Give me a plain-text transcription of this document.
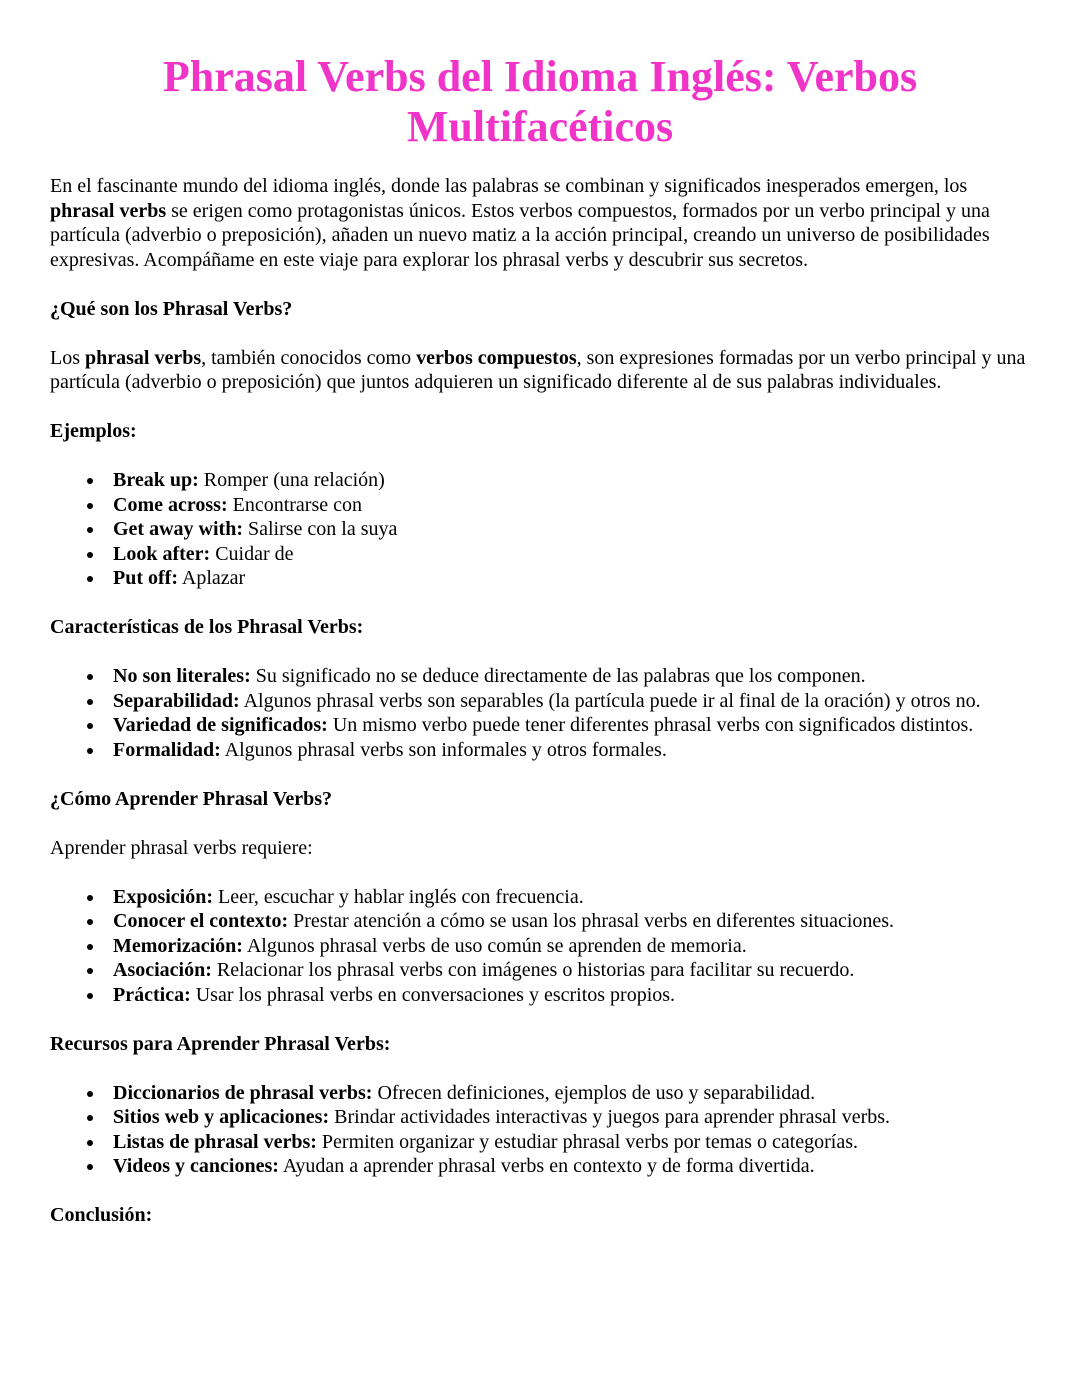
Phrasal Verbs del Idioma Inglés: Verbos Multifacéticos

En el fascinante mundo del idioma inglés, donde las palabras se combinan y significados inesperados emergen, los phrasal verbs se erigen como protagonistas únicos. Estos verbos compuestos, formados por un verbo principal y una partícula (adverbio o preposición), añaden un nuevo matiz a la acción principal, creando un universo de posibilidades expresivas. Acompáñame en este viaje para explorar los phrasal verbs y descubrir sus secretos.

¿Qué son los Phrasal Verbs?

Los phrasal verbs, también conocidos como verbos compuestos, son expresiones formadas por un verbo principal y una partícula (adverbio o preposición) que juntos adquieren un significado diferente al de sus palabras individuales.

Ejemplos:
Break up: Romper (una relación)
Come across: Encontrarse con
Get away with: Salirse con la suya
Look after: Cuidar de
Put off: Aplazar
Características de los Phrasal Verbs:
No son literales: Su significado no se deduce directamente de las palabras que los componen.
Separabilidad: Algunos phrasal verbs son separables (la partícula puede ir al final de la oración) y otros no.
Variedad de significados: Un mismo verbo puede tener diferentes phrasal verbs con significados distintos.
Formalidad: Algunos phrasal verbs son informales y otros formales.
¿Cómo Aprender Phrasal Verbs?

Aprender phrasal verbs requiere:

Exposición: Leer, escuchar y hablar inglés con frecuencia.
Conocer el contexto: Prestar atención a cómo se usan los phrasal verbs en diferentes situaciones.
Memorización: Algunos phrasal verbs de uso común se aprenden de memoria.
Asociación: Relacionar los phrasal verbs con imágenes o historias para facilitar su recuerdo.
Práctica: Usar los phrasal verbs en conversaciones y escritos propios.
Recursos para Aprender Phrasal Verbs:
Diccionarios de phrasal verbs: Ofrecen definiciones, ejemplos de uso y separabilidad.
Sitios web y aplicaciones: Brindar actividades interactivas y juegos para aprender phrasal verbs.
Listas de phrasal verbs: Permiten organizar y estudiar phrasal verbs por temas o categorías.
Videos y canciones: Ayudan a aprender phrasal verbs en contexto y de forma divertida.
Conclusión:
